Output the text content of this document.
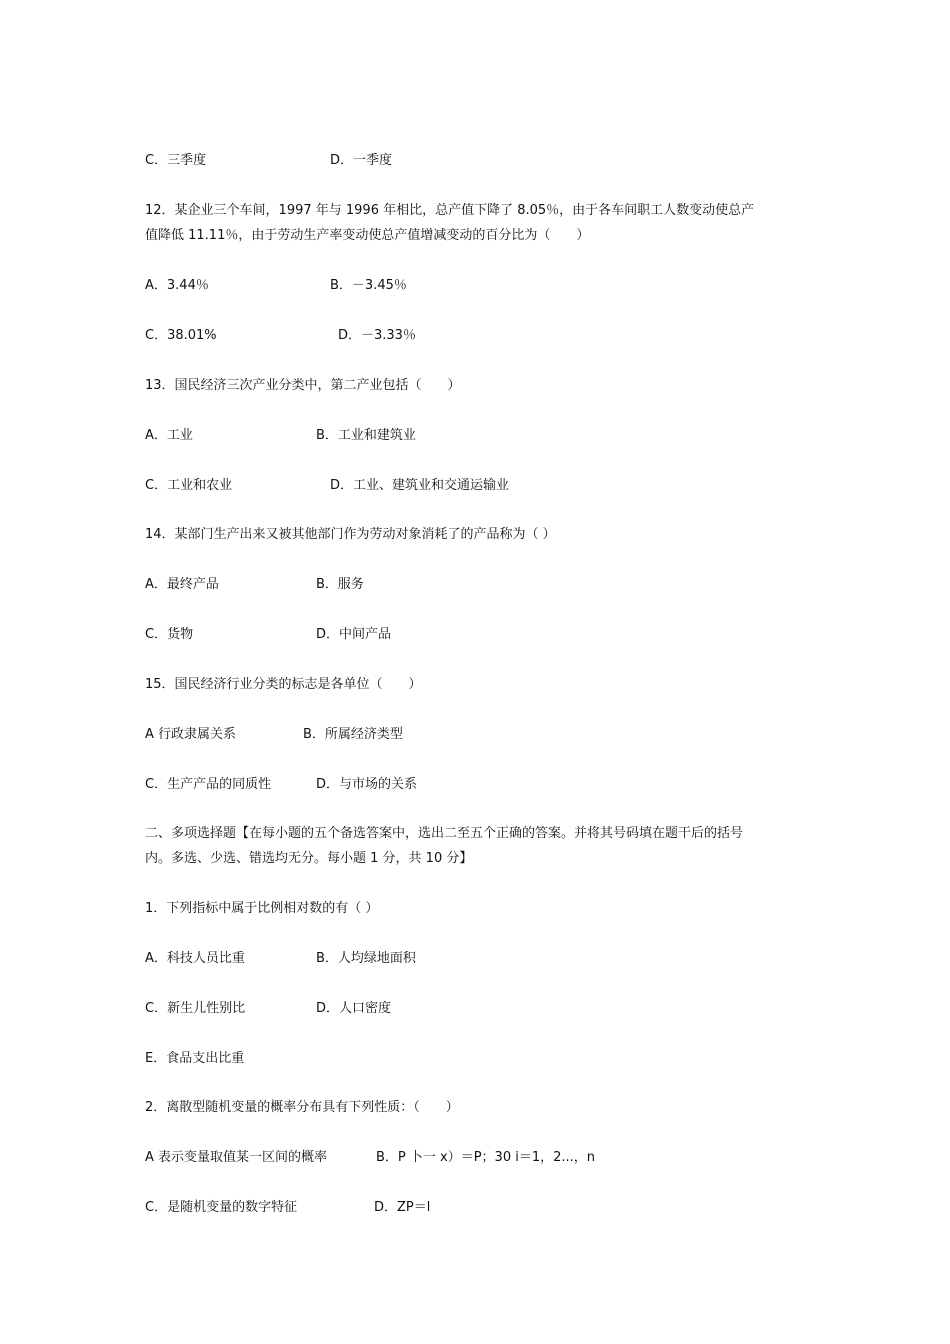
C．三季度	D．一季度
12．某企业三个车间，1997 年与 1996 年相比，总产值下降了 8.05％，由于各车间职工人数变动使总产
值降低 11.11％，由于劳动生产率变动使总产值增减变动的百分比为（　　）
A．3.44％	B．－3.45％
C．38.01%	D．－3.33％
13．国民经济三次产业分类中，第二产业包括（　　）
A．工业	B．工业和建筑业
C．工业和农业	D．工业、建筑业和交通运输业
14．某部门生产出来又被其他部门作为劳动对象消耗了的产品称为（ ）
A．最终产品	B．服务
C．货物	D．中间产品
15．国民经济行业分类的标志是各单位（　　）
A 行政隶属关系	B．所属经济类型
C．生产产品的同质性	D．与市场的关系
二、多项选择题【在每小题的五个备选答案中，选出二至五个正确的答案。并将其号码填在题干后的括号
内。多选、少选、错选均无分。每小题 1 分，共 10 分】
1．下列指标中属于比例相对数的有（ ）
A．科技人员比重	B．人均绿地面积
C．新生儿性别比	D．人口密度
E．食品支出比重
2．离散型随机变量的概率分布具有下列性质：（　　）
A 表示变量取值某一区间的概率	B．P 卜一 x）＝P；30 i＝1，2...，n
C．是随机变量的数字特征	D．ZP＝l
